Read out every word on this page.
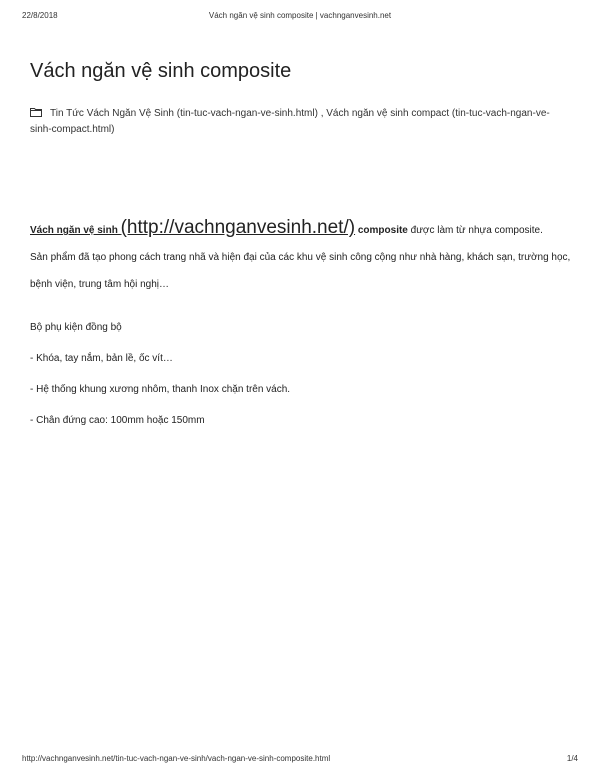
22/8/2018	Vách ngăn vệ sinh composite | vachnganvesinh.net
Vách ngăn vệ sinh composite
Tin Tức Vách Ngăn Vệ Sinh (tin-tuc-vach-ngan-ve-sinh.html) , Vách ngăn vệ sinh compact (tin-tuc-vach-ngan-ve-sinh-compact.html)
Vách ngăn vệ sinh (http://vachnganvesinh.net/) composite được làm từ nhựa composite.

Sản phẩm đã tạo phong cách trang nhã và hiện đại của các khu vệ sinh công cộng như nhà hàng, khách sạn, trường học, bệnh viện, trung tâm hội nghị…

Bộ phụ kiện đồng bộ

- Khóa, tay nắm, bản lề, ốc vít…

- Hệ thống khung xương nhôm, thanh Inox chặn trên vách.

- Chân đứng cao: 100mm hoặc 150mm

http://vachnganvesinh.net/tin-tuc-vach-ngan-ve-sinh/vach-ngan-ve-sinh-composite.html	1/4
